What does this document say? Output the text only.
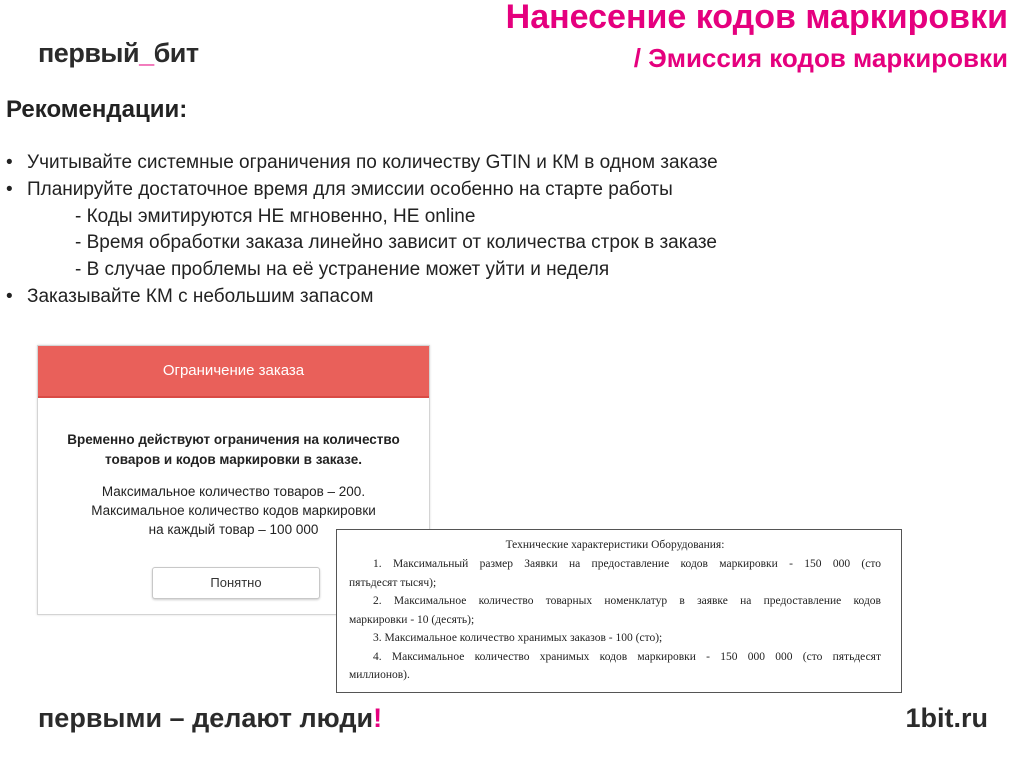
первый_бит
Нанесение кодов маркировки
/ Эмиссия кодов маркировки
Рекомендации:
• Учитывайте системные ограничения по количеству GTIN и КМ в одном заказе
• Планируйте достаточное время для эмиссии особенно на старте работы
- Коды эмитируются НЕ мгновенно, НЕ online
- Время обработки заказа линейно зависит от количества строк в заказе
- В случае проблемы на её устранение может уйти и неделя
• Заказывайте КМ с небольшим запасом
Ограничение заказа
Временно действуют ограничения на количество
товаров и кодов маркировки в заказе.
Максимальное количество товаров – 200.
Максимальное количество кодов маркировки
на каждый товар – 100 000
Понятно
Технические характеристики Оборудования:
1. Максимальный размер Заявки на предоставление кодов маркировки - 150 000 (сто
пятьдесят тысяч);
2. Максимальное количество товарных номенклатур в заявке на предоставление кодов
маркировки - 10 (десять);
3. Максимальное количество хранимых заказов - 100 (сто);
4. Максимальное количество хранимых кодов маркировки - 150 000 000 (сто пятьдесят
миллионов).
первыми – делают люди!	1bit.ru
